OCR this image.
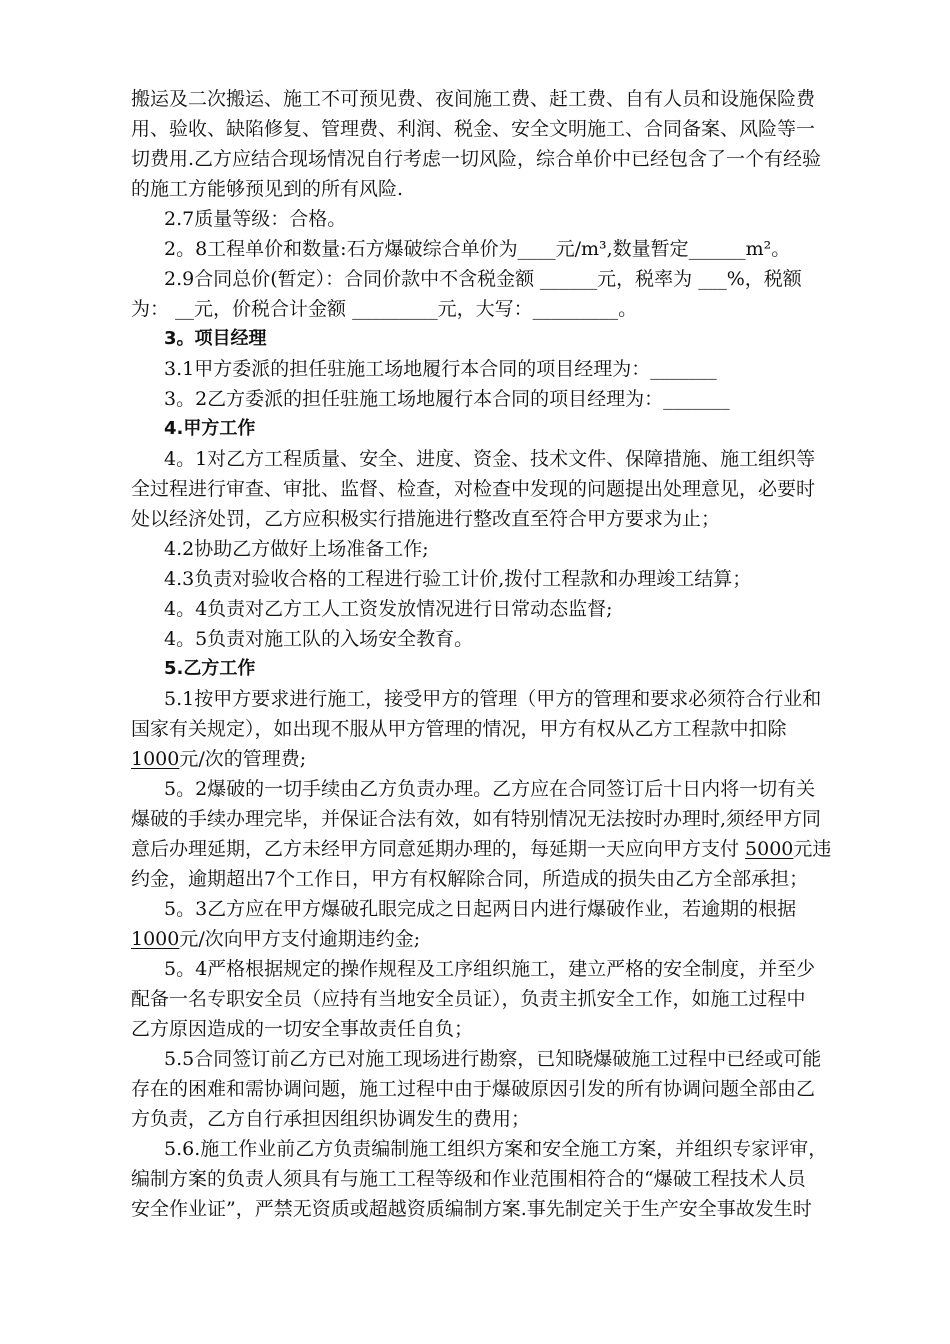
搬运及二次搬运、施工不可预见费、夜间施工费、赶工费、自有人员和设施保险费
用、验收、缺陷修复、管理费、利润、税金、安全文明施工、合同备案、风险等一
切费用.乙方应结合现场情况自行考虑一切风险，综合单价中已经包含了一个有经验
的施工方能够预见到的所有风险.
2.7质量等级：合格。
2。8工程单价和数量:石方爆破综合单价为____元/m³,数量暂定______m²。
2.9合同总价(暂定）：合同价款中不含税金额 ______元，税率为 ___%，税额
为： __元，价税合计金额 _________元，大写：_________。
3。项目经理
3.1甲方委派的担任驻施工场地履行本合同的项目经理为：_______
3。2乙方委派的担任驻施工场地履行本合同的项目经理为：_______
4.甲方工作
4。1对乙方工程质量、安全、进度、资金、技术文件、保障措施、施工组织等
全过程进行审查、审批、监督、检查，对检查中发现的问题提出处理意见，必要时
处以经济处罚，乙方应积极实行措施进行整改直至符合甲方要求为止；
4.2协助乙方做好上场准备工作;
4.3负责对验收合格的工程进行验工计价,拨付工程款和办理竣工结算；
4。4负责对乙方工人工资发放情况进行日常动态监督;
4。5负责对施工队的入场安全教育。
5.乙方工作
5.1按甲方要求进行施工，接受甲方的管理（甲方的管理和要求必须符合行业和
国家有关规定），如出现不服从甲方管理的情况，甲方有权从乙方工程款中扣除
1000元/次的管理费;
5。2爆破的一切手续由乙方负责办理。乙方应在合同签订后十日内将一切有关
爆破的手续办理完毕，并保证合法有效，如有特别情况无法按时办理时,须经甲方同
意后办理延期，乙方未经甲方同意延期办理的，每延期一天应向甲方支付 5000元违
约金，逾期超出7个工作日，甲方有权解除合同，所造成的损失由乙方全部承担；
5。3乙方应在甲方爆破孔眼完成之日起两日内进行爆破作业，若逾期的根据
1000元/次向甲方支付逾期违约金;
5。4严格根据规定的操作规程及工序组织施工，建立严格的安全制度，并至少
配备一名专职安全员（应持有当地安全员证），负责主抓安全工作，如施工过程中
乙方原因造成的一切安全事故责任自负；
5.5合同签订前乙方已对施工现场进行勘察，已知晓爆破施工过程中已经或可能
存在的困难和需协调问题，施工过程中由于爆破原因引发的所有协调问题全部由乙
方负责，乙方自行承担因组织协调发生的费用；
5.6.施工作业前乙方负责编制施工组织方案和安全施工方案，并组织专家评审，
编制方案的负责人须具有与施工工程等级和作业范围相符合的“爆破工程技术人员
安全作业证”，严禁无资质或超越资质编制方案.事先制定关于生产安全事故发生时
